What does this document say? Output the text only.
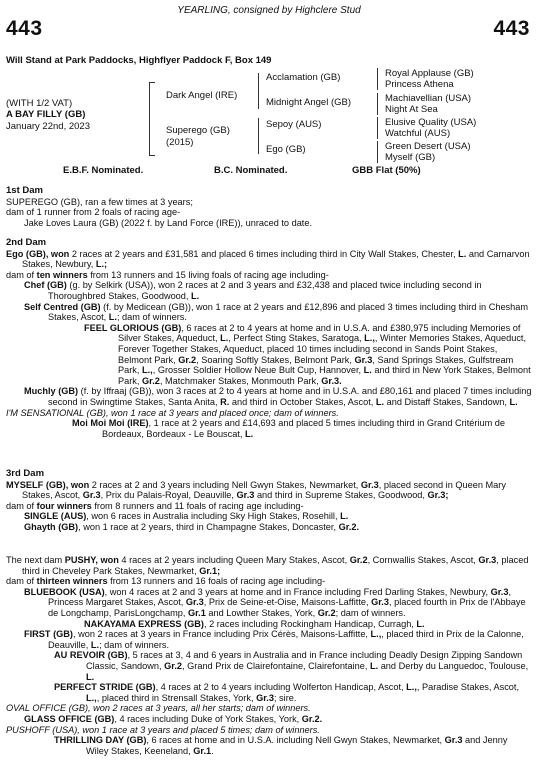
YEARLING, consigned by Highclere Stud
443	443
Will Stand at Park Paddocks, Highflyer Paddock F, Box 149
(WITH 1/2 VAT)
A BAY FILLY (GB)
January 22nd, 2023
Dark Angel (IRE)
Superego (GB)
(2015)
Acclamation (GB)
Midnight Angel (GB)
Sepoy (AUS)
Ego (GB)
Royal Applause (GB)
Princess Athena
Machiavellian (USA)
Night At Sea
Elusive Quality (USA)
Watchful (AUS)
Green Desert (USA)
Myself (GB)
E.B.F. Nominated.	B.C. Nominated.	GBB Flat (50%)

1st Dam

SUPEREGO (GB), ran a few times at 3 years;

dam of 1 runner from 2 foals of racing age-

Jake Loves Laura (GB) (2022 f. by Land Force (IRE)), unraced to date.

2nd Dam

Ego (GB), won 2 races at 2 years and £31,581 and placed 6 times including third in City Wall Stakes, Chester, L. and Carnarvon Stakes, Newbury, L.;

dam of ten winners from 13 runners and 15 living foals of racing age including-

Chef (GB) (g. by Selkirk (USA)), won 2 races at 2 and 3 years and £32,438 and placed twice including second in Thoroughbred Stakes, Goodwood, L.

Self Centred (GB) (f. by Medicean (GB)), won 1 race at 2 years and £12,896 and placed 3 times including third in Chesham Stakes, Ascot, L.; dam of winners.

FEEL GLORIOUS (GB), 6 races at 2 to 4 years at home and in U.S.A. and £380,975 including Memories of Silver Stakes, Aqueduct, L., Perfect Sting Stakes, Saratoga, L.,, Winter Memories Stakes, Aqueduct, Forever Together Stakes, Aqueduct, placed 10 times including second in Sands Point Stakes, Belmont Park, Gr.2, Soaring Softly Stakes, Belmont Park, Gr.3, Sand Springs Stakes, Gulfstream Park, L.,, Grosser Soldier Hollow Neue Bult Cup, Hannover, L. and third in New York Stakes, Belmont Park, Gr.2, Matchmaker Stakes, Monmouth Park, Gr.3.

Muchly (GB) (f. by Iffraaj (GB)), won 3 races at 2 to 4 years at home and in U.S.A. and £80,161 and placed 7 times including second in Swingtime Stakes, Santa Anita, R. and third in October Stakes, Ascot, L. and Distaff Stakes, Sandown, L.

I'M SENSATIONAL (GB), won 1 race at 3 years and placed once; dam of winners.

Moi Moi Moi (IRE), 1 race at 2 years and £14,693 and placed 5 times including third in Grand Critérium de Bordeaux, Bordeaux - Le Bouscat, L.

3rd Dam

MYSELF (GB), won 2 races at 2 and 3 years including Nell Gwyn Stakes, Newmarket, Gr.3, placed second in Queen Mary Stakes, Ascot, Gr.3, Prix du Palais-Royal, Deauville, Gr.3 and third in Supreme Stakes, Goodwood, Gr.3;

dam of four winners from 8 runners and 11 foals of racing age including-

SINGLE (AUS), won 6 races in Australia including Sky High Stakes, Rosehill, L.

Ghayth (GB), won 1 race at 2 years, third in Champagne Stakes, Doncaster, Gr.2.

The next dam PUSHY, won 4 races at 2 years including Queen Mary Stakes, Ascot, Gr.2, Cornwallis Stakes, Ascot, Gr.3, placed third in Cheveley Park Stakes, Newmarket, Gr.1;

dam of thirteen winners from 13 runners and 16 foals of racing age including-

BLUEBOOK (USA), won 4 races at 2 and 3 years at home and in France including Fred Darling Stakes, Newbury, Gr.3, Princess Margaret Stakes, Ascot, Gr.3, Prix de Seine-et-Oise, Maisons-Laffitte, Gr.3, placed fourth in Prix de l'Abbaye de Longchamp, ParisLongchamp, Gr.1 and Lowther Stakes, York, Gr.2; dam of winners.

NAKAYAMA EXPRESS (GB), 2 races including Rockingham Handicap, Curragh, L.

FIRST (GB), won 2 races at 3 years in France including Prix Cérès, Maisons-Laffitte, L.,, placed third in Prix de la Calonne, Deauville, L.; dam of winners.

AU REVOIR (GB), 5 races at 3, 4 and 6 years in Australia and in France including Deadly Design Zipping Sandown Classic, Sandown, Gr.2, Grand Prix de Clairefontaine, Clairefontaine, L. and Derby du Languedoc, Toulouse, L.

PERFECT STRIDE (GB), 4 races at 2 to 4 years including Wolferton Handicap, Ascot, L.,, Paradise Stakes, Ascot, L.,, placed third in Strensall Stakes, York, Gr.3; sire.

OVAL OFFICE (GB), won 2 races at 3 years, all her starts; dam of winners.

GLASS OFFICE (GB), 4 races including Duke of York Stakes, York, Gr.2.

PUSHOFF (USA), won 1 race at 3 years and placed 5 times; dam of winners.

THRILLING DAY (GB), 6 races at home and in U.S.A. including Nell Gwyn Stakes, Newmarket, Gr.3 and Jenny Wiley Stakes, Keeneland, Gr.1.
